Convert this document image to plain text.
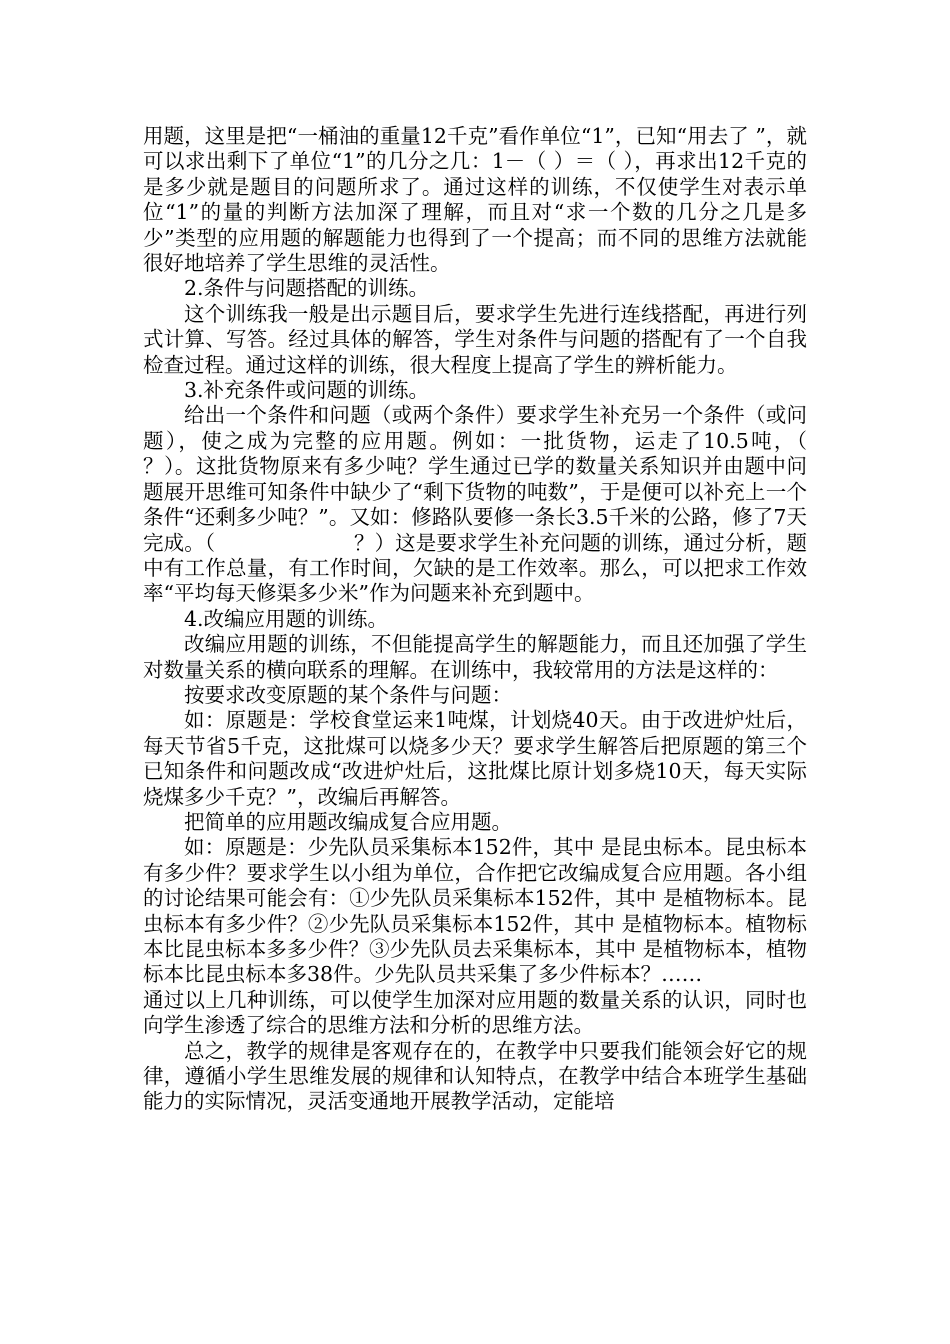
用题，这里是把“一桶油的重量12千克”看作单位“1”，已知“用去了 ”，就可以求出剩下了单位“1”的几分之几：1－（ ）＝（ ），再求出12千克的是多少就是题目的问题所求了。通过这样的训练，不仅使学生对表示单位“1”的量的判断方法加深了理解，而且对“求一个数的几分之几是多少”类型的应用题的解题能力也得到了一个提高；而不同的思维方法就能很好地培养了学生思维的灵活性。

2.条件与问题搭配的训练。

这个训练我一般是出示题目后，要求学生先进行连线搭配，再进行列式计算、写答。经过具体的解答，学生对条件与问题的搭配有了一个自我检查过程。通过这样的训练，很大程度上提高了学生的辨析能力。

3.补充条件或问题的训练。

给出一个条件和问题（或两个条件）要求学生补充另一个条件（或问题），使之成为完整的应用题。例如：一批货物，运走了10.5吨，（                    ？）。这批货物原来有多少吨？学生通过已学的数量关系知识并由题中问题展开思维可知条件中缺少了“剩下货物的吨数”，于是便可以补充上一个条件“还剩多少吨？”。又如：修路队要修一条长3.5千米的公路，修了7天完成。（                     ？）这是要求学生补充问题的训练，通过分析，题中有工作总量，有工作时间，欠缺的是工作效率。那么，可以把求工作效率“平均每天修渠多少米”作为问题来补充到题中。

4.改编应用题的训练。

改编应用题的训练，不但能提高学生的解题能力，而且还加强了学生对数量关系的横向联系的理解。在训练中，我较常用的方法是这样的：

按要求改变原题的某个条件与问题：

如：原题是：学校食堂运来1吨煤，计划烧40天。由于改进炉灶后，每天节省5千克，这批煤可以烧多少天？要求学生解答后把原题的第三个已知条件和问题改成“改进炉灶后，这批煤比原计划多烧10天，每天实际烧煤多少千克？”，改编后再解答。

把简单的应用题改编成复合应用题。

如：原题是：少先队员采集标本152件，其中 是昆虫标本。昆虫标本有多少件？要求学生以小组为单位，合作把它改编成复合应用题。各小组的讨论结果可能会有：①少先队员采集标本152件，其中 是植物标本。昆虫标本有多少件？②少先队员采集标本152件，其中 是植物标本。植物标本比昆虫标本多多少件？③少先队员去采集标本，其中 是植物标本，植物标本比昆虫标本多38件。少先队员共采集了多少件标本？……

通过以上几种训练，可以使学生加深对应用题的数量关系的认识，同时也向学生渗透了综合的思维方法和分析的思维方法。

总之，教学的规律是客观存在的，在教学中只要我们能领会好它的规律，遵循小学生思维发展的规律和认知特点，在教学中结合本班学生基础能力的实际情况，灵活变通地开展教学活动，定能培
